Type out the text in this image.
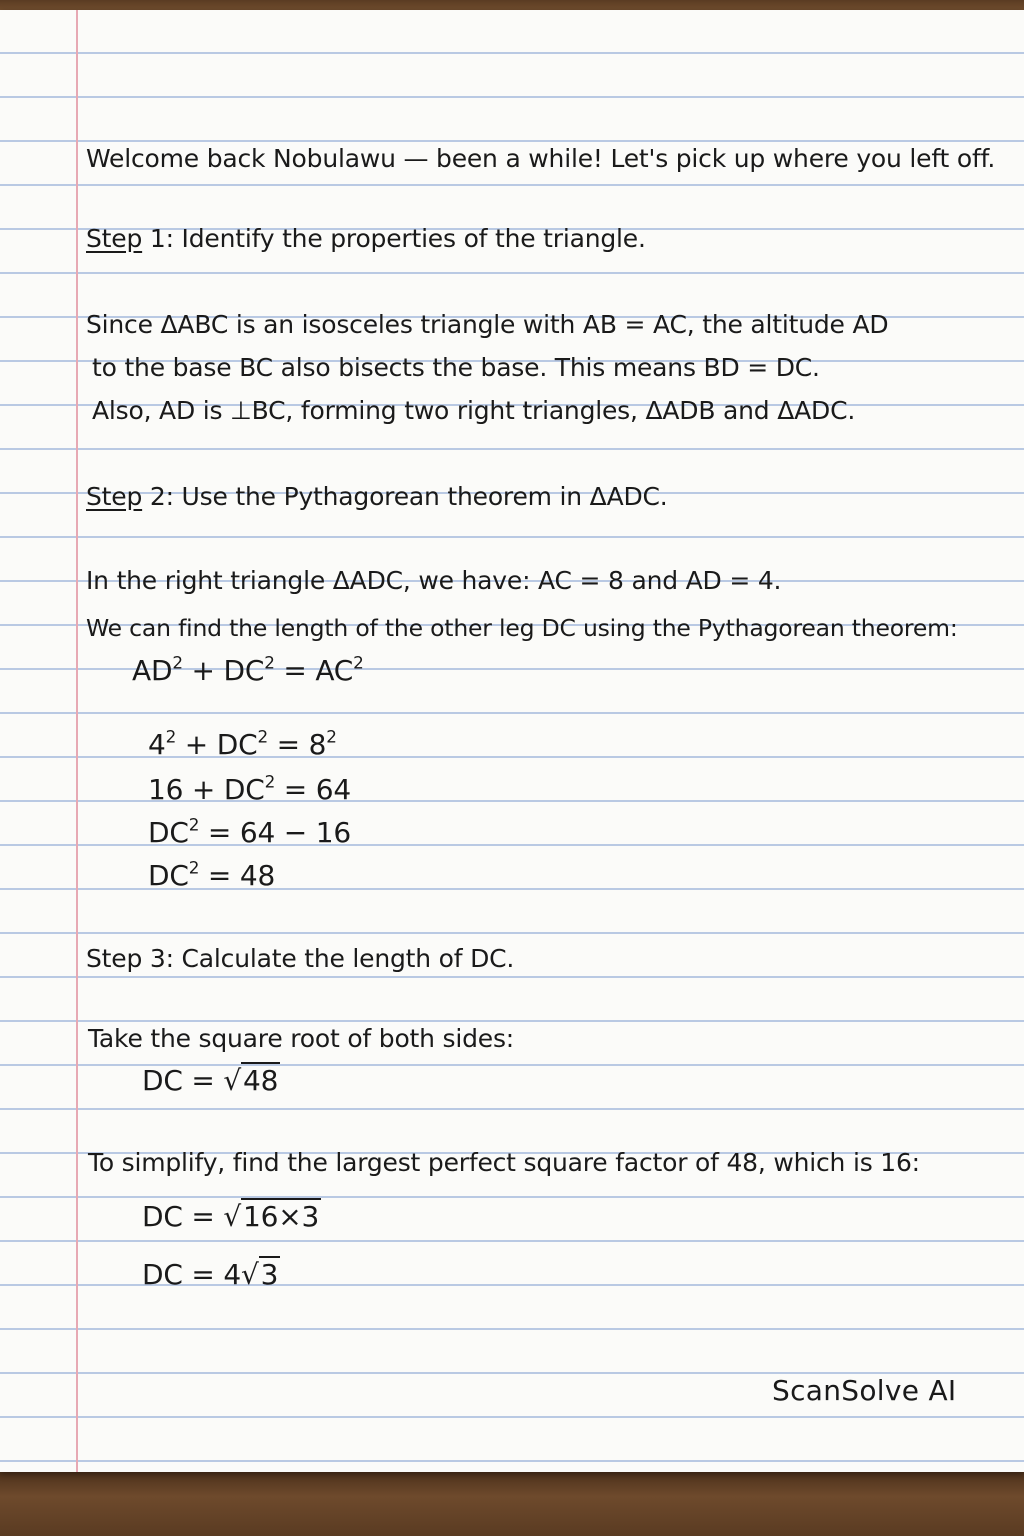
Welcome back Nobulawu — been a while! Let's pick up where you left off.
Step 1: Identify the properties of the triangle.
Since ΔABC is an isosceles triangle with AB = AC, the altitude AD
to the base BC also bisects the base. This means BD = DC.
Also, AD is ⊥BC, forming two right triangles, ΔADB and ΔADC.
Step 2: Use the Pythagorean theorem in ΔADC.
In the right triangle ΔADC, we have: AC = 8 and AD = 4.
We can find the length of the other leg DC using the Pythagorean theorem:
$AD^2 + DC^2 = AC^2$
$4^2 + DC^2 = 8^2$
$16 + DC^2 = 64$
$DC^2 = 64 - 16$
$DC^2 = 48$
Step 3: Calculate the length of DC.
Take the square root of both sides:
DC = √48
To simplify, find the largest perfect square factor of 48, which is 16:
DC = √16×3
DC = 4√3
ScanSolve AI
